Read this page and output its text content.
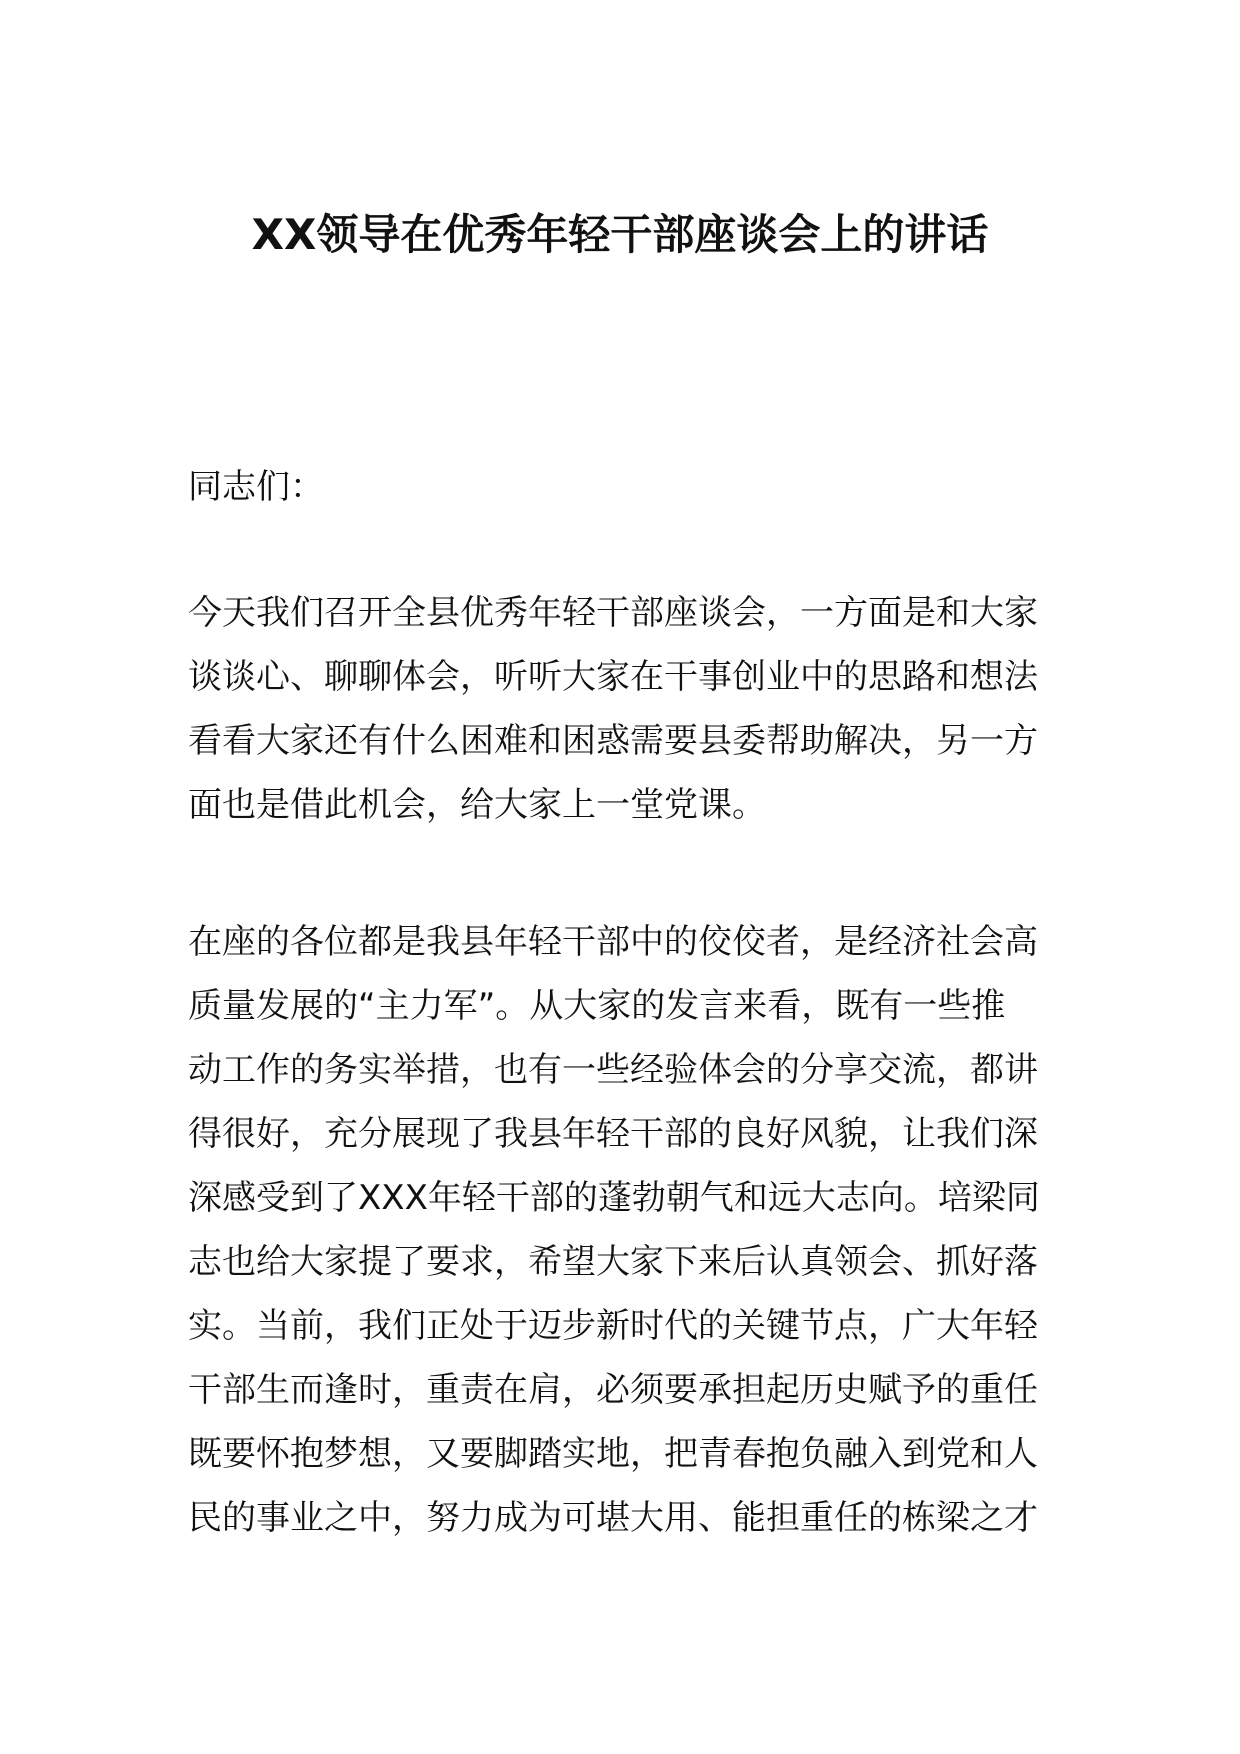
XX领导在优秀年轻干部座谈会上的讲话
同志们：
今天我们召开全县优秀年轻干部座谈会，一方面是和大家
谈谈心、聊聊体会，听听大家在干事创业中的思路和想法
看看大家还有什么困难和困惑需要县委帮助解决，另一方
面也是借此机会，给大家上一堂党课。
在座的各位都是我县年轻干部中的佼佼者，是经济社会高
质量发展的“主力军”。从大家的发言来看，既有一些推
动工作的务实举措，也有一些经验体会的分享交流，都讲
得很好，充分展现了我县年轻干部的良好风貌，让我们深
深感受到了XXX年轻干部的蓬勃朝气和远大志向。培梁同
志也给大家提了要求，希望大家下来后认真领会、抓好落
实。当前，我们正处于迈步新时代的关键节点，广大年轻
干部生而逢时，重责在肩，必须要承担起历史赋予的重任
既要怀抱梦想，又要脚踏实地，把青春抱负融入到党和人
民的事业之中，努力成为可堪大用、能担重任的栋梁之才
